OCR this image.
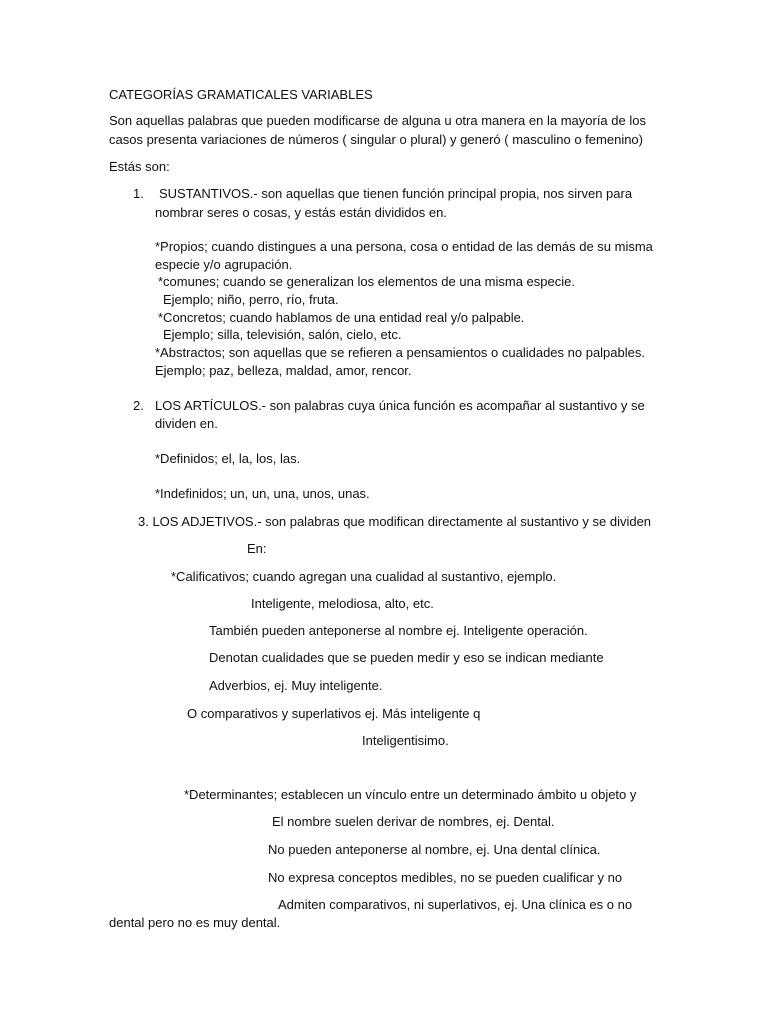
CATEGORÍAS GRAMATICALES VARIABLES

Son aquellas palabras que pueden modificarse de alguna u otra manera en la mayoría de los

casos presenta variaciones de números ( singular o plural) y generó ( masculino o femenino)

Estás son:

1. SUSTANTIVOS.- son aquellas que tienen función principal propia, nos sirven para

nombrar seres o cosas, y estás están divididos en.

*Propios; cuando distingues a una persona, cosa o entidad de las demás de su misma

especie y/o agrupación.

*comunes; cuando se generalizan los elementos de una misma especie.

Ejemplo; niño, perro, río, fruta.

*Concretos; cuando hablamos de una entidad real y/o palpable.

Ejemplo; silla, televisión, salón, cielo, etc.

*Abstractos; son aquellas que se refieren a pensamientos o cualidades no palpables.

Ejemplo; paz, belleza, maldad, amor, rencor.

2. LOS ARTÍCULOS.- son palabras cuya única función es acompañar al sustantivo y se

dividen en.

*Definidos; el, la, los, las.

*Indefinidos; un, un, una, unos, unas.

3. LOS ADJETIVOS.- son palabras que modifican directamente al sustantivo y se dividen

En:

*Calificativos; cuando agregan una cualidad al sustantivo, ejemplo.

Inteligente, melodiosa, alto, etc.

También pueden anteponerse al nombre ej. Inteligente operación.

Denotan cualidades que se pueden medir y eso se indican mediante

Adverbios, ej. Muy inteligente.

O comparativos y superlativos ej. Más inteligente q

Inteligentisimo.

*Determinantes; establecen un vínculo entre un determinado ámbito u objeto y

El nombre suelen derivar de nombres, ej. Dental.

No pueden anteponerse al nombre, ej. Una dental clínica.

No expresa conceptos medibles, no se pueden cualificar y no

Admiten comparativos, ni superlativos, ej. Una clínica es o no

dental pero no es muy dental.
